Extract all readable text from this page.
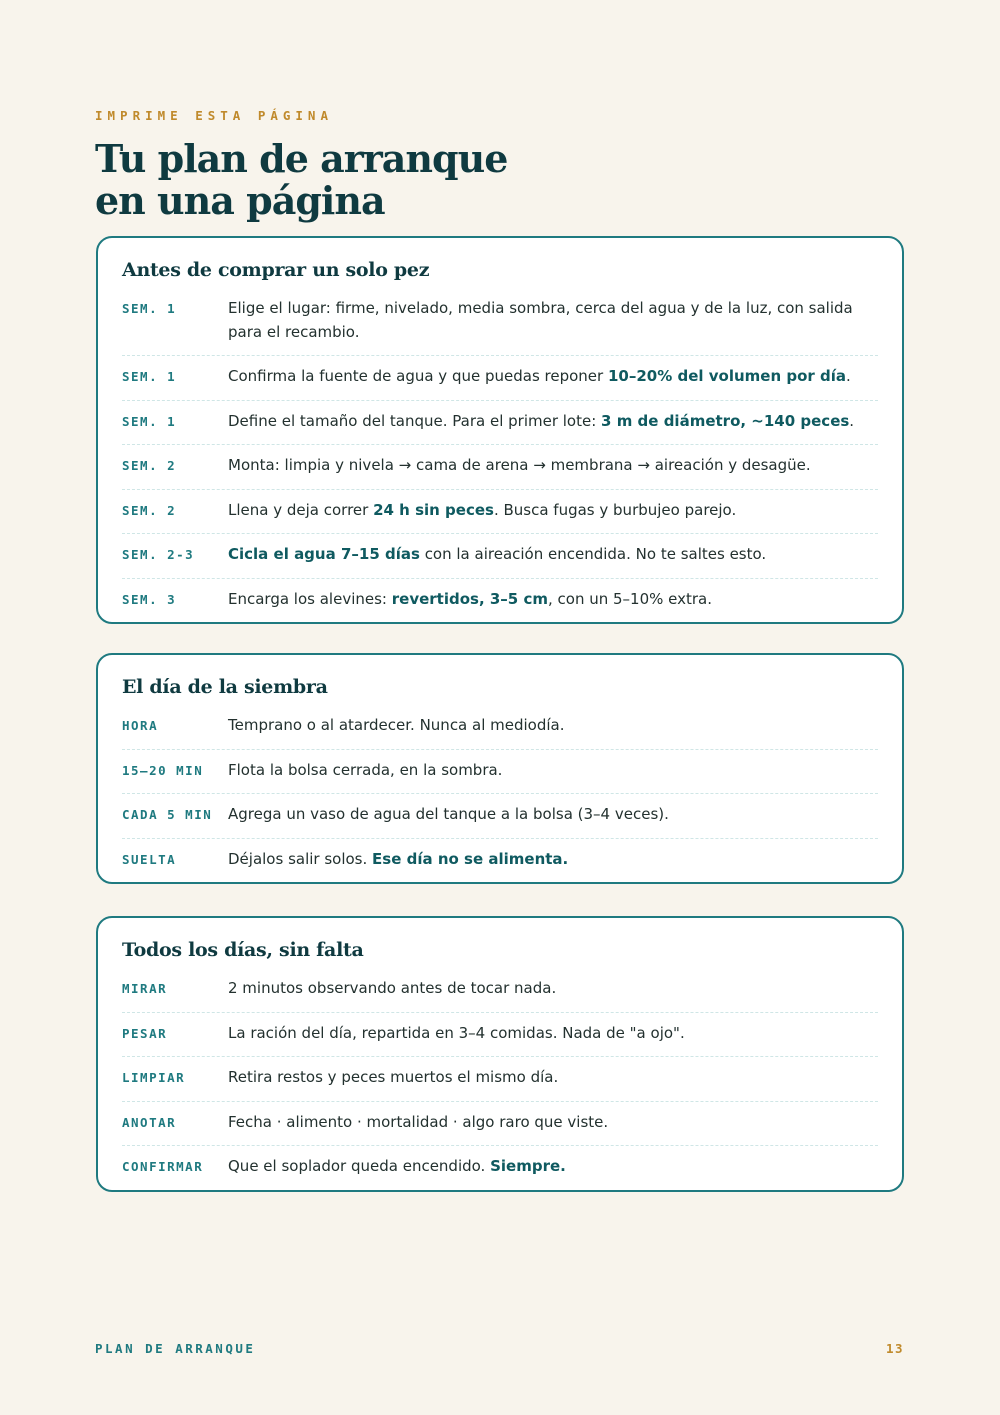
IMPRIME ESTA PÁGINA
Tu plan de arranque
en una página
Antes de comprar un solo pez
SEM. 1	Elige el lugar: firme, nivelado, media sombra, cerca del agua y de la luz, con salida para el recambio.
SEM. 1	Confirma la fuente de agua y que puedas reponer 10–20% del volumen por día.
SEM. 1	Define el tamaño del tanque. Para el primer lote: 3 m de diámetro, ~140 peces.
SEM. 2	Monta: limpia y nivela → cama de arena → membrana → aireación y desagüe.
SEM. 2	Llena y deja correr 24 h sin peces. Busca fugas y burbujeo parejo.
SEM. 2-3	Cicla el agua 7–15 días con la aireación encendida. No te saltes esto.
SEM. 3	Encarga los alevines: revertidos, 3–5 cm, con un 5–10% extra.
El día de la siembra
HORA	Temprano o al atardecer. Nunca al mediodía.
15–20 MIN	Flota la bolsa cerrada, en la sombra.
CADA 5 MIN	Agrega un vaso de agua del tanque a la bolsa (3–4 veces).
SUELTA	Déjalos salir solos. Ese día no se alimenta.
Todos los días, sin falta
MIRAR	2 minutos observando antes de tocar nada.
PESAR	La ración del día, repartida en 3–4 comidas. Nada de "a ojo".
LIMPIAR	Retira restos y peces muertos el mismo día.
ANOTAR	Fecha · alimento · mortalidad · algo raro que viste.
CONFIRMAR	Que el soplador queda encendido. Siempre.
PLAN DE ARRANQUE	13
